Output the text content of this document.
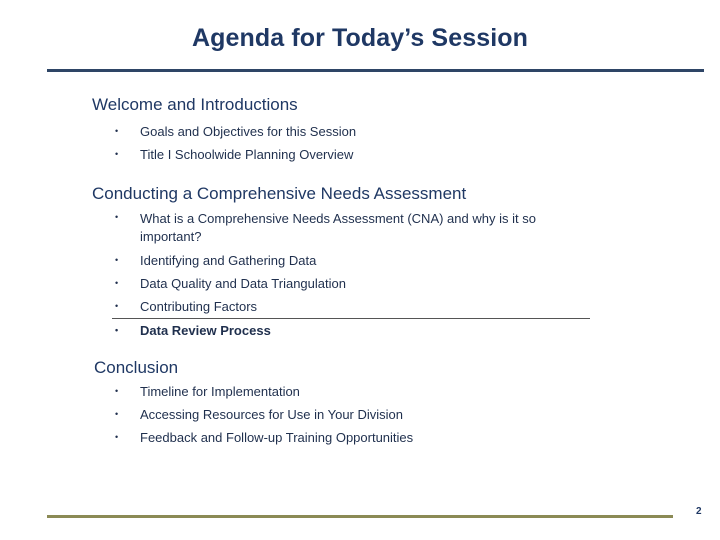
Agenda for Today’s Session
Welcome and Introductions
• Goals and Objectives for this Session
• Title I Schoolwide Planning Overview
Conducting a Comprehensive Needs Assessment
• What is a Comprehensive Needs Assessment (CNA) and why is it so important?
• Identifying and Gathering Data
• Data Quality and Data Triangulation
• Contributing Factors
• Data Review Process
Conclusion
• Timeline for Implementation
• Accessing Resources for Use in Your Division
• Feedback and Follow-up Training Opportunities
2
